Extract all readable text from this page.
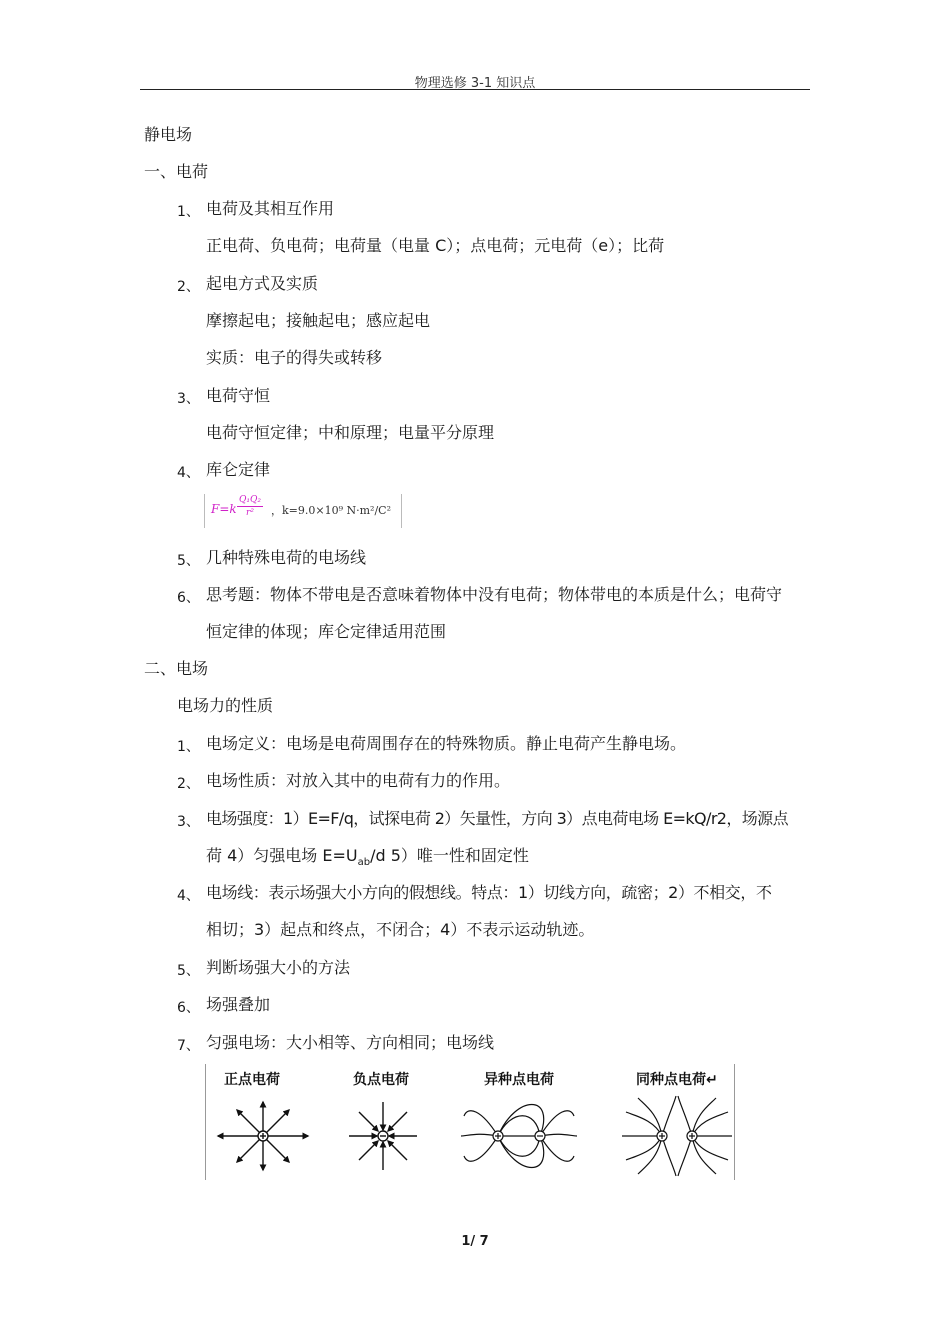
物理选修 3-1 知识点
静电场
一、电荷
1、 电荷及其相互作用
正电荷、负电荷；电荷量（电量 C）；点电荷；元电荷（e）；比荷
2、 起电方式及实质
摩擦起电；接触起电；感应起电
实质：电子的得失或转移
3、 电荷守恒
电荷守恒定律；中和原理；电量平分原理
4、 库仑定律
F=k
Q₁Q₂
r²	，k=9.0×10⁹ N·m²/C²
5、 几种特殊电荷的电场线
6、 思考题：物体不带电是否意味着物体中没有电荷；物体带电的本质是什么；电荷守
恒定律的体现；库仑定律适用范围
二、电场
电场力的性质
1、 电场定义：电场是电荷周围存在的特殊物质。静止电荷产生静电场。
2、 电场性质：对放入其中的电荷有力的作用。
3、 电场强度：1）E=F/q，试探电荷 2）矢量性，方向 3）点电荷电场 E=kQ/r2，场源点
荷 4）匀强电场 $E=U_{ab}/d$ 5）唯一性和固定性
4、 电场线：表示场强大小方向的假想线。特点：1）切线方向，疏密；2）不相交，不
相切；3）起点和终点，不闭合；4）不表示运动轨迹。
5、 判断场强大小的方法
6、 场强叠加
7、 匀强电场：大小相等、方向相同；电场线
正点电荷	负点电荷	异种点电荷	同种点电荷↵
1/ 7
